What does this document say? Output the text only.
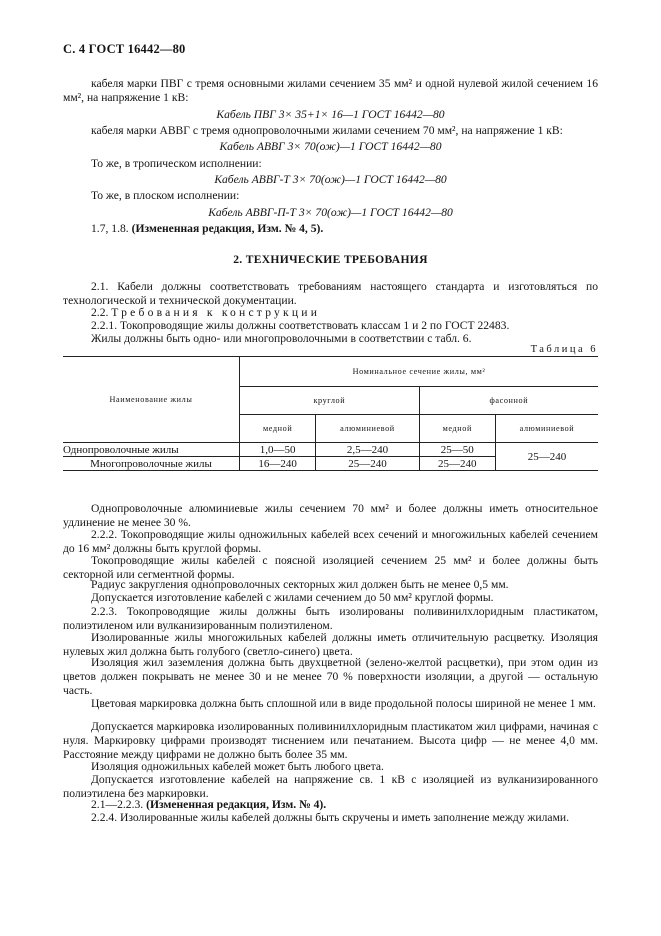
С. 4 ГОСТ 16442—80

кабеля марки ПВГ с тремя основными жилами сечением 35 мм² и одной нулевой жилой сечением 16 мм², на напряжение 1 кВ:

Кабель ПВГ 3× 35+1× 16—1 ГОСТ 16442—80

кабеля марки АВВГ с тремя однопроволочными жилами сечением 70 мм², на напряжение 1 кВ:

Кабель АВВГ 3× 70(ож)—1 ГОСТ 16442—80

То же, в тропическом исполнении:

Кабель АВВГ-Т 3× 70(ож)—1 ГОСТ 16442—80

То же, в плоском исполнении:

Кабель АВВГ-П-Т 3× 70(ож)—1 ГОСТ 16442—80

1.7, 1.8. (Измененная редакция, Изм. № 4, 5).

2. ТЕХНИЧЕСКИЕ ТРЕБОВАНИЯ

2.1. Кабели должны соответствовать требованиям настоящего стандарта и изготовляться по технологической и технической документации.

2.2. Требования к конструкции

2.2.1. Токопроводящие жилы должны соответствовать классам 1 и 2 по ГОСТ 22483.

Жилы должны быть одно- или многопроволочными в соответствии с табл. 6.

Таблица 6
Наименование жилы	Номинальное сечение жилы, мм²			
	круглой		фасонной	
	медной	алюминиевой	медной	алюминиевой
Однопроволочные жилы	1,0—50	2,5—240	25—50	25—240
Многопроволочные жилы	16—240	25—240	25—240	

Однопроволочные алюминиевые жилы сечением 70 мм² и более должны иметь относительное удлинение не менее 30 %.

2.2.2. Токопроводящие жилы одножильных кабелей всех сечений и многожильных кабелей сечением до 16 мм² должны быть круглой формы.

Токопроводящие жилы кабелей с поясной изоляцией сечением 25 мм² и более должны быть секторной или сегментной формы.

Радиус закругления однопроволочных секторных жил должен быть не менее 0,5 мм.

Допускается изготовление кабелей с жилами сечением до 50 мм² круглой формы.

2.2.3. Токопроводящие жилы должны быть изолированы поливинилхлоридным пластикатом, полиэтиленом или вулканизированным полиэтиленом.

Изолированные жилы многожильных кабелей должны иметь отличительную расцветку. Изоляция нулевых жил должна быть голубого (светло-синего) цвета.

Изоляция жил заземления должна быть двухцветной (зелено-желтой расцветки), при этом один из цветов должен покрывать не менее 30 и не менее 70 % поверхности изоляции, а другой — остальную часть.

Цветовая маркировка должна быть сплошной или в виде продольной полосы шириной не менее 1 мм.

Допускается маркировка изолированных поливинилхлоридным пластикатом жил цифрами, начиная с нуля. Маркировку цифрами производят тиснением или печатанием. Высота цифр — не менее 4,0 мм. Расстояние между цифрами не должно быть более 35 мм.

Изоляция одножильных кабелей может быть любого цвета.

Допускается изготовление кабелей на напряжение св. 1 кВ с изоляцией из вулканизированного полиэтилена без маркировки.

2.1—2.2.3. (Измененная редакция, Изм. № 4).

2.2.4. Изолированные жилы кабелей должны быть скручены и иметь заполнение между жилами.
